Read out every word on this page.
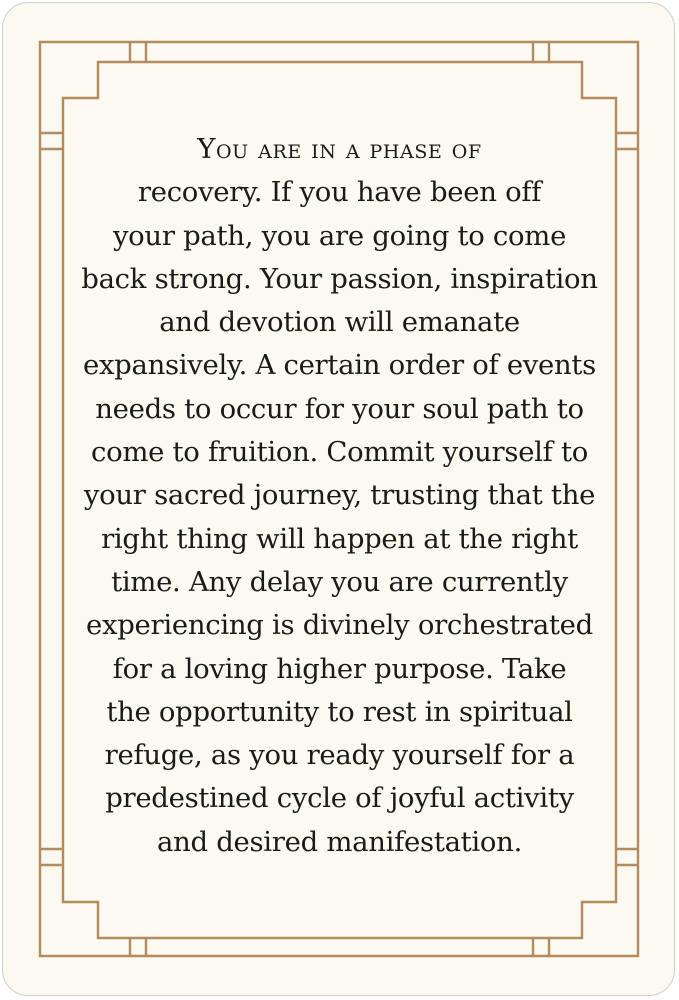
You are in a phase of
recovery. If you have been off
your path, you are going to come
back strong. Your passion, inspiration
and devotion will emanate
expansively. A certain order of events
needs to occur for your soul path to
come to fruition. Commit yourself to
your sacred journey, trusting that the
right thing will happen at the right
time. Any delay you are currently
experiencing is divinely orchestrated
for a loving higher purpose. Take
the opportunity to rest in spiritual
refuge, as you ready yourself for a
predestined cycle of joyful activity
and desired manifestation.
